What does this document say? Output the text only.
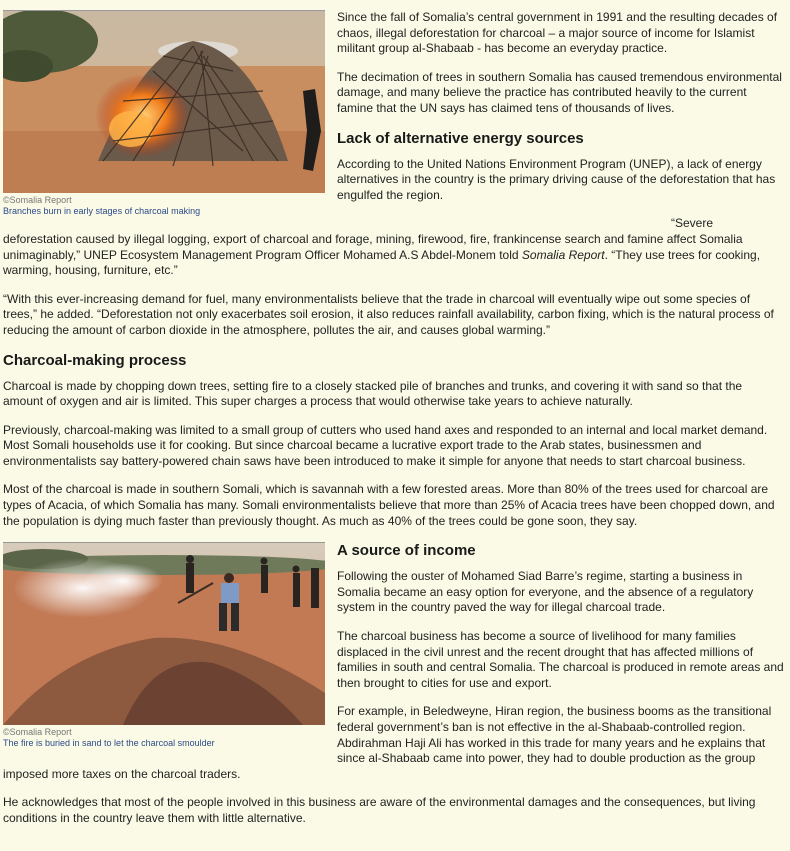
©Somalia Report
Branches burn in early stages of charcoal making

Since the fall of Somalia’s central government in 1991 and the resulting decades of chaos, illegal deforestation for charcoal – a major source of income for Islamist militant group al-Shabaab - has become an everyday practice.

The decimation of trees in southern Somalia has caused tremendous environmental damage, and many believe the practice has contributed heavily to the current famine that the UN says has claimed tens of thousands of lives.

Lack of alternative energy sources

According to the United Nations Environment Program (UNEP), a lack of energy alternatives in the country is the primary driving cause of the deforestation that has engulfed the region.

“Severe deforestation caused by illegal logging, export of charcoal and forage, mining, firewood, fire, frankincense search and famine affect Somalia unimaginably,” UNEP Ecosystem Management Program Officer Mohamed A.S Abdel-Monem told Somalia Report. “They use trees for cooking, warming, housing, furniture, etc.”

“With this ever-increasing demand for fuel, many environmentalists believe that the trade in charcoal will eventually wipe out some species of trees,” he added. “Deforestation not only exacerbates soil erosion, it also reduces rainfall availability, carbon fixing, which is the natural process of reducing the amount of carbon dioxide in the atmosphere, pollutes the air, and causes global warming.”

Charcoal-making process

Charcoal is made by chopping down trees, setting fire to a closely stacked pile of branches and trunks, and covering it with sand so that the amount of oxygen and air is limited. This super charges a process that would otherwise take years to achieve naturally.

Previously, charcoal-making was limited to a small group of cutters who used hand axes and responded to an internal and local market demand. Most Somali households use it for cooking. But since charcoal became a lucrative export trade to the Arab states, businessmen and environmentalists say battery-powered chain saws have been introduced to make it simple for anyone that needs to start charcoal business.

Most of the charcoal is made in southern Somali, which is savannah with a few forested areas. More than 80% of the trees used for charcoal are types of Acacia, of which Somalia has many. Somali environmentalists believe that more than 25% of Acacia trees have been chopped down, and the population is dying much faster than previously thought. As much as 40% of the trees could be gone soon, they say.

©Somalia Report
The fire is buried in sand to let the charcoal smoulder
A source of income

Following the ouster of Mohamed Siad Barre’s regime, starting a business in Somalia became an easy option for everyone, and the absence of a regulatory system in the country paved the way for illegal charcoal trade.

The charcoal business has become a source of livelihood for many families displaced in the civil unrest and the recent drought that has affected millions of families in south and central Somalia. The charcoal is produced in remote areas and then brought to cities for use and export.

For example, in Beledweyne, Hiran region, the business booms as the transitional federal government’s ban is not effective in the al-Shabaab-controlled region. Abdirahman Haji Ali has worked in this trade for many years and he explains that since al-Shabaab came into power, they had to double production as the group imposed more taxes on the charcoal traders.

He acknowledges that most of the people involved in this business are aware of the environmental damages and the consequences, but living conditions in the country leave them with little alternative.
